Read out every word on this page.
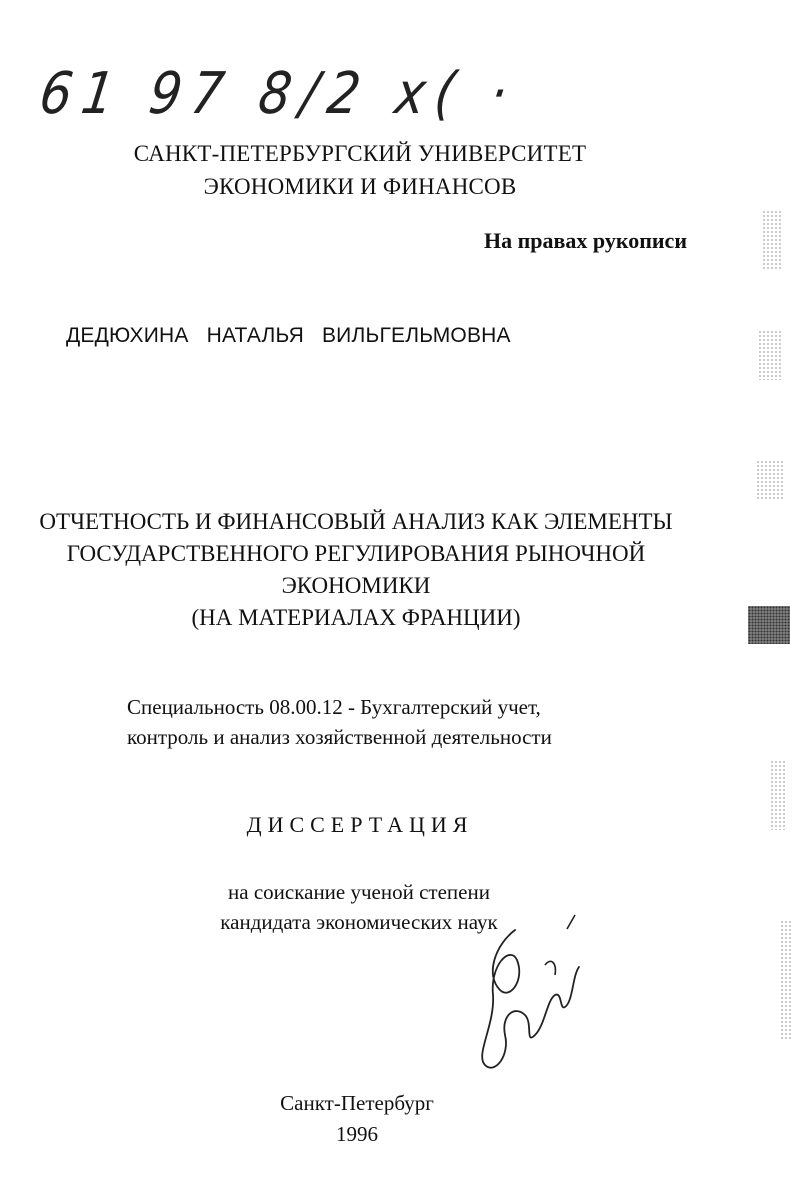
61 97 8/2 x( ·
САНКТ-ПЕТЕРБУРГСКИЙ УНИВЕРСИТЕТ
ЭКОНОМИКИ И ФИНАНСОВ
На правах рукописи
ДЕДЮХИНА НАТАЛЬЯ ВИЛЬГЕЛЬМОВНА
ОТЧЕТНОСТЬ И ФИНАНСОВЫЙ АНАЛИЗ КАК ЭЛЕМЕНТЫ
ГОСУДАРСТВЕННОГО РЕГУЛИРОВАНИЯ РЫНОЧНОЙ
ЭКОНОМИКИ
(НА МАТЕРИАЛАХ ФРАНЦИИ)
Специальность 08.00.12 - Бухгалтерский учет,
контроль и анализ хозяйственной деятельности
ДИССЕРТАЦИЯ
на соискание ученой степени
кандидата экономических наук
Санкт-Петербург
1996
